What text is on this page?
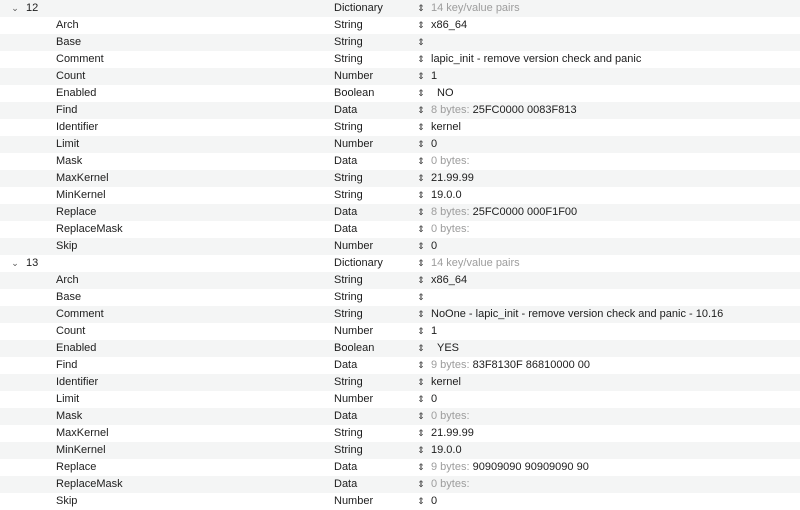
⌄ 12	Dictionary	⇕ 14 key/value pairs
Arch	String	⇕ x86_64
Base	String	⇕
Comment	String	⇕ lapic_init - remove version check and panic
Count	Number	⇕ 1
Enabled	Boolean	⇕ NO
Find	Data	⇕ 8 bytes: 25FC0000 0083F813
Identifier	String	⇕ kernel
Limit	Number	⇕ 0
Mask	Data	⇕ 0 bytes:
MaxKernel	String	⇕ 21.99.99
MinKernel	String	⇕ 19.0.0
Replace	Data	⇕ 8 bytes: 25FC0000 000F1F00
ReplaceMask	Data	⇕ 0 bytes:
Skip	Number	⇕ 0
⌄ 13	Dictionary	⇕ 14 key/value pairs
Arch	String	⇕ x86_64
Base	String	⇕
Comment	String	⇕ NoOne - lapic_init - remove version check and panic - 10.16
Count	Number	⇕ 1
Enabled	Boolean	⇕ YES
Find	Data	⇕ 9 bytes: 83F8130F 86810000 00
Identifier	String	⇕ kernel
Limit	Number	⇕ 0
Mask	Data	⇕ 0 bytes:
MaxKernel	String	⇕ 21.99.99
MinKernel	String	⇕ 19.0.0
Replace	Data	⇕ 9 bytes: 90909090 90909090 90
ReplaceMask	Data	⇕ 0 bytes:
Skip	Number	⇕ 0
